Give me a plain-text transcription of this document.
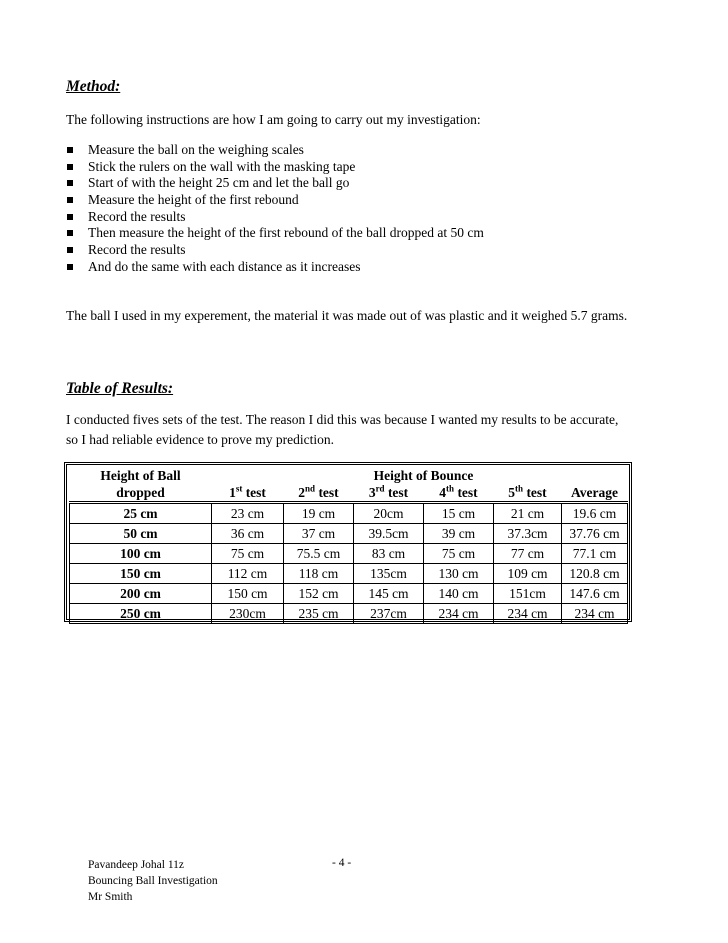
Method:

The following instructions are how I am going to carry out my investigation:

Measure the ball on the weighing scales
Stick the rulers on the wall with the masking tape
Start of with the height 25 cm and let the ball go
Measure the height of the first rebound
Record the results
Then measure the height of the first rebound of the ball dropped at 50 cm
Record the results
And do the same with each distance as it increases

The ball I used in my experement, the material it was made out of was plastic and it weighed 5.7 grams.

Table of Results:

I conducted fives sets of the test. The reason I did this was because I wanted my results to be accurate, so I had reliable evidence to prove my prediction.

Height of Ball			Height of Bounce			
dropped	1st test	2nd test	3rd test	4th test	5th test	Average
25 cm	23 cm	19 cm	20cm	15 cm	21 cm	19.6 cm
50 cm	36 cm	37 cm	39.5cm	39 cm	37.3cm	37.76 cm
100 cm	75 cm	75.5 cm	83 cm	75 cm	77 cm	77.1 cm
150 cm	112 cm	118 cm	135cm	130 cm	109 cm	120.8 cm
200 cm	150 cm	152 cm	145 cm	140 cm	151cm	147.6 cm
250 cm	230cm	235 cm	237cm	234 cm	234 cm	234 cm
Pavandeep Johal 11z
Bouncing Ball Investigation
Mr Smith
- 4 -
